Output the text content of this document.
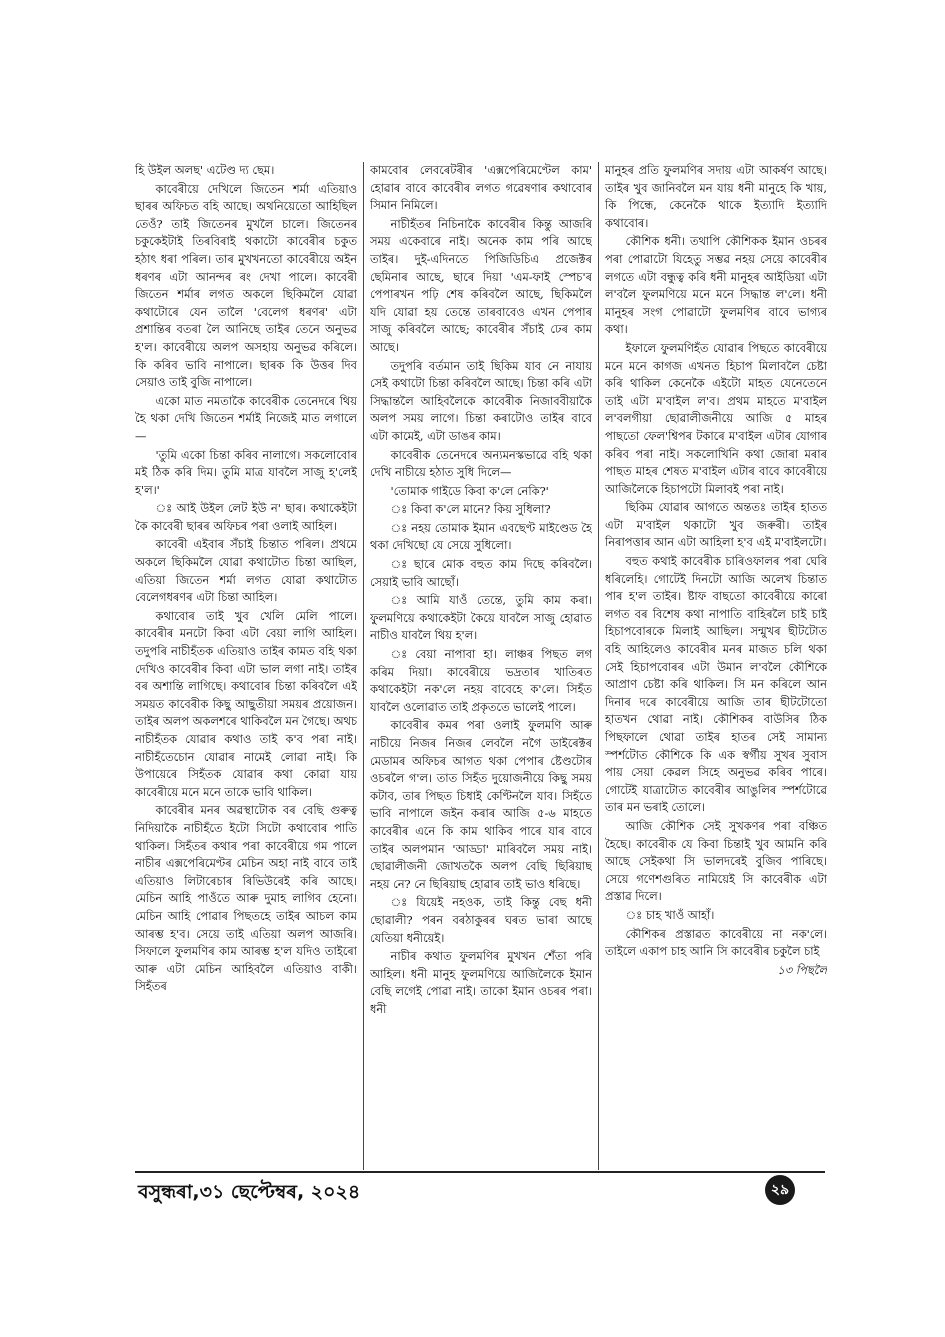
হি উইল অলছ' এটেণ্ড দ্য ছেম।

কাবেৰীয়ে দেখিলে জিতেন শৰ্মা এতিয়াও ছাৰৰ অফিচত বহি আছে। অথনিয়েতো আহিছিল তেওঁ? তাই জিতেনৰ মুখলৈ চালে। জিতেনৰ চকুকেইটাই তিৰবিৰাই থকাটো কাবেৰীৰ চকুত হঠাৎ ধৰা পৰিল। তাৰ মুখখনতো কাবেৰীয়ে অইন ধৰণৰ এটা আনন্দৰ ৰং দেখা পালে। কাবেৰী জিতেন শৰ্মাৰ লগত অকলে ছিকিমলৈ যোৱা কথাটোৰে যেন তালৈ 'বেলেগ ধৰণৰ' এটা প্ৰশান্তিৰ বতৰা লৈ আনিছে তাইৰ তেনে অনুভৱ হ'ল। কাবেৰীয়ে অলপ অসহায় অনুভৱ কৰিলে। কি কৰিব ভাবি নাপালে। ছাৰক কি উত্তৰ দিব সেয়াও তাই বুজি নাপালে।

একো মাত নমতাকৈ কাবেৰীক তেনেদৰে থিয় হৈ থকা দেখি জিতেন শৰ্মাই নিজেই মাত লগালে—

'তুমি একো চিন্তা কৰিব নালাগে। সকলোবোৰ মই ঠিক কৰি দিম। তুমি মাত্ৰ যাবলৈ সাজু হ'লেই হ'ল।'

ঃ আই উইল লেট ইউ ন' ছাৰ। কথাকেইটা কৈ কাবেৰী ছাৰৰ অফিচৰ পৰা ওলাই আহিল।

কাবেৰী এইবাৰ সঁচাই চিন্তাত পৰিল। প্ৰথমে অকলে ছিকিমলৈ যোৱা কথাটোত চিন্তা আছিল, এতিয়া জিতেন শৰ্মা লগত যোৱা কথাটোত বেলেগধৰণৰ এটা চিন্তা আহিল।

কথাবোৰ তাই খুব খেলি মেলি পালে। কাবেৰীৰ মনটো কিবা এটা বেয়া লাগি আহিল। তদুপৰি নাচীহঁতক এতিয়াও তাইৰ কামত বহি থকা দেখিও কাবেৰীৰ কিবা এটা ভাল লগা নাই। তাইৰ বৰ অশান্তি লাগিছে। কথাবোৰ চিন্তা কৰিবলৈ এই সময়ত কাবেৰীক কিছু আছুতীয়া সময়ৰ প্ৰয়োজন। তাইৰ অলপ অকলশৰে থাকিবলৈ মন গৈছে। অথচ নাচীহঁতক যোৱাৰ কথাও তাই ক'ব পৰা নাই। নাচীহঁতেচোন যোৱাৰ নামেই লোৱা নাই। কি উপায়েৰে সিহঁতক যোৱাৰ কথা কোৱা যায় কাবেৰীয়ে মনে মনে তাকে ভাবি থাকিল।

কাবেৰীৰ মনৰ অৱস্থাটোক বৰ বেছি গুৰুত্ব নিদিয়াকৈ নাচীহঁতে ইটো সিটো কথাবোৰ পাতি থাকিল। সিহঁতৰ কথাৰ পৰা কাবেৰীয়ে গম পালে নাচীৰ এক্সপেৰিমেণ্টৰ মেচিন অহা নাই বাবে তাই এতিয়াও লিটাৰেচাৰ ৰিভিউৰেই কৰি আছে। মেচিন আহি পাওঁতে আৰু দুমাহ লাগিব হেনো। মেচিন আহি পোৱাৰ পিছতহে তাইৰ আচল কাম আৰম্ভ হ'ব। সেয়ে তাই এতিয়া অলপ আজৰি। সিফালে ফুলমণিৰ কাম আৰম্ভ হ'ল যদিও তাইৰো আৰু এটা মেচিন আহিবলৈ এতিয়াও বাকী। সিহঁতৰ

কামবোৰ লেবৰেটৰীৰ 'এক্সপেৰিমেণ্টেল কাম' হোৱাৰ বাবে কাবেৰীৰ লগত গৱেষণাৰ কথাবোৰ সিমান নিমিলে।

নাচীহঁতৰ নিচিনাকৈ কাবেৰীৰ কিন্তু আজৰি সময় একেবাৰে নাই। অনেক কাম পৰি আছে তাইৰ। দুই-এদিনতে পিজিডিচিএ প্ৰজেক্টৰ ছেমিনাৰ আছে, ছাৰে দিয়া 'এম-ফাই স্পেচ'ৰ পেপাৰখন পঢ়ি শেষ কৰিবলৈ আছে, ছিকিমলৈ যদি যোৱা হয় তেন্তে তাৰবাবেও এখন পেপাৰ সাজু কৰিবলৈ আছে; কাবেৰীৰ সঁচাই ঢেৰ কাম আছে।

তদুপৰি বৰ্তমান তাই ছিকিম যাব নে নাযায় সেই কথাটো চিন্তা কৰিবলৈ আছে। চিন্তা কৰি এটা সিদ্ধান্তলৈ আহিবলৈকে কাবেৰীক নিজাববীয়াকৈ অলপ সময় লাগে। চিন্তা কৰাটোও তাইৰ বাবে এটা কামেই, এটা ডাঙৰ কাম।

কাবেৰীক তেনেদৰে অন্যমনস্কভাৱে বহি থকা দেখি নাচীয়ে হঠাত সুধি দিলে—

'তোমাক গাইডে কিবা ক'লে নেকি?'

ঃ কিবা ক'লে মানে? কিয় সুধিলা?

ঃ নহয় তোমাক ইমান এবছেণ্ট মাইণ্ডেড হৈ থকা দেখিছো যে সেয়ে সুধিলো।

ঃ ছাৰে মোক বহুত কাম দিছে কৰিবলৈ। সেয়াই ভাবি আছোঁ।

ঃ আমি যাওঁ তেন্তে, তুমি কাম কৰা। ফুলমণিয়ে কথাকেইটা কৈয়ে যাবলৈ সাজু হোৱাত নাচীও যাবলৈ থিয় হ'ল।

ঃ বেয়া নাপাবা হা। লাঞ্চৰ পিছত লগ কৰিম দিয়া। কাবেৰীয়ে ভদ্ৰতাৰ খাতিৰত কথাকেইটা নক'লে নহয় বাবেহে ক'লে। সিহঁত যাবলৈ ওলোৱাত তাই প্ৰকৃততে ভালেই পালে।

কাবেৰীৰ কমৰ পৰা ওলাই ফুলমণি আৰু নাচীয়ে নিজৰ নিজৰ লেবলৈ নগৈ ডাইৰেক্টৰ মেডামৰ অফিচৰ আগত থকা পেপাৰ ষ্টেণ্ডটোৰ ওচৰলৈ গ'ল। তাত সিহঁত দুয়োজনীয়ে কিছু সময় কটাব, তাৰ পিছত চিধাই কেণ্টিনলৈ যাব। সিহঁতে ভাবি নাপালে জইন কৰাৰ আজি ৫-৬ মাহতে কাবেৰীৰ এনে কি কাম থাকিব পাৰে যাৰ বাবে তাইৰ অলপমান 'আড্ডা' মাৰিবলৈ সময় নাই। ছোৱালীজনী জোখতকৈ অলপ বেছি ছিৰিয়াছ নহয় নে? নে ছিৰিয়াছ হোৱাৰ তাই ভাও ধৰিছে।

ঃ যিয়েই নহওক, তাই কিন্তু বেছ ধনী ছোৱালী? পৰন বৰঠাকুৰৰ ঘৰত ভাৰা আছে যেতিয়া ধনীয়েই।

নাচীৰ কথাত ফুলমণিৰ মুখখন শেঁতা পৰি আহিল। ধনী মানুহ ফুলমণিয়ে আজিলৈকে ইমান বেছি লগেই পোৱা নাই। তাকো ইমান ওচৰৰ পৰা। ধনী

মানুহৰ প্ৰতি ফুলমণিৰ সদায় এটা আকৰ্ষণ আছে। তাইৰ খুব জানিবলৈ মন যায় ধনী মানুহে কি খায়, কি পিন্ধে, কেনেকৈ থাকে ইত্যাদি ইত্যাদি কথাবোৰ।

কৌশিক ধনী। তথাপি কৌশিকক ইমান ওচৰৰ পৰা পোৱাটো যিহেতু সম্ভৱ নহয় সেয়ে কাবেৰীৰ লগতে এটা বন্ধুত্ব কৰি ধনী মানুহৰ আইডিয়া এটা ল'বলৈ ফুলমণিয়ে মনে মনে সিদ্ধান্ত ল'লে। ধনী মানুহৰ সংগ পোৱাটো ফুলমণিৰ বাবে ভাগ্যৰ কথা।

ইফালে ফুলমণিহঁত যোৱাৰ পিছতে কাবেৰীয়ে মনে মনে কাগজ এখনত হিচাপ মিলাবলৈ চেষ্টা কৰি থাকিল কেনেকৈ এইটো মাহত যেনেতেনে তাই এটা ম'বাইল ল'ব। প্ৰথম মাহতে ম'বাইল ল'বলগীয়া ছোৱালীজনীয়ে আজি ৫ মাহৰ পাছতো ফেল'শ্বিপৰ টকাৰে ম'বাইল এটাৰ যোগাৰ কৰিব পৰা নাই। সকলোখিনি কথা জোৰা মৰাৰ পাছত মাহৰ শেষত ম'বাইল এটাৰ বাবে কাবেৰীয়ে আজিলৈকে হিচাপটো মিলাবই পৰা নাই।

ছিকিম যোৱাৰ আগতে অন্ততঃ তাইৰ হাতত এটা ম'বাইল থকাটো খুব জৰুৰী। তাইৰ নিৰাপত্তাৰ আন এটা আহিলা হ'ব এই ম'বাইলটো।

বহুত কথাই কাবেৰীক চাৰিওফালৰ পৰা ঘেৰি ধৰিলেহি। গোটেই দিনটো আজি অলেখ চিন্তাত পাৰ হ'ল তাইৰ। ষ্টাফ বাছতো কাবেৰীয়ে কাৰো লগত বৰ বিশেষ কথা নাপাতি বাহিৰলৈ চাই চাই হিচাপবোৰকে মিলাই আছিল। সন্মুখৰ ছীটটোত বহি আহিলেও কাবেৰীৰ মনৰ মাজত চলি থকা সেই হিচাপবোৰৰ এটা উমান ল'বলৈ কৌশিকে আপ্ৰাণ চেষ্টা কৰি থাকিল। সি মন কৰিলে আন দিনাৰ দৰে কাবেৰীয়ে আজি তাৰ ছীটটোতো হাতখন থোৱা নাই। কৌশিকৰ বাউসিৰ ঠিক পিছফালে থোৱা তাইৰ হাতৰ সেই সামান্য স্পৰ্শটোত কৌশিকে কি এক স্বৰ্গীয় সুখৰ সুবাস পায় সেয়া কেৱল সিহে অনুভৱ কৰিব পাৰে। গোটেই যাত্ৰাটোত কাবেৰীৰ আঙুলিৰ স্পৰ্শটোৱে তাৰ মন ভৰাই তোলে।

আজি কৌশিক সেই সুখকণৰ পৰা বঞ্চিত হৈছে। কাবেৰীক যে কিবা চিন্তাই খুব আমনি কৰি আছে সেইকথা সি ভালদৰেই বুজিব পাৰিছে। সেয়ে গণেশগুৰিত নামিয়েই সি কাবেৰীক এটা প্ৰস্তাৱ দিলে।

ঃ চাহ খাওঁ আহাঁ।

কৌশিকৰ প্ৰস্তাৱত কাবেৰীয়ে না নক'লে। তাইলে একাপ চাহ আনি সি কাবেৰীৰ চকুলৈ চাই

১৩ পিছলৈ

বসুন্ধৰা,৩১ ছেপ্টেম্বৰ, ২০২৪	২৯
